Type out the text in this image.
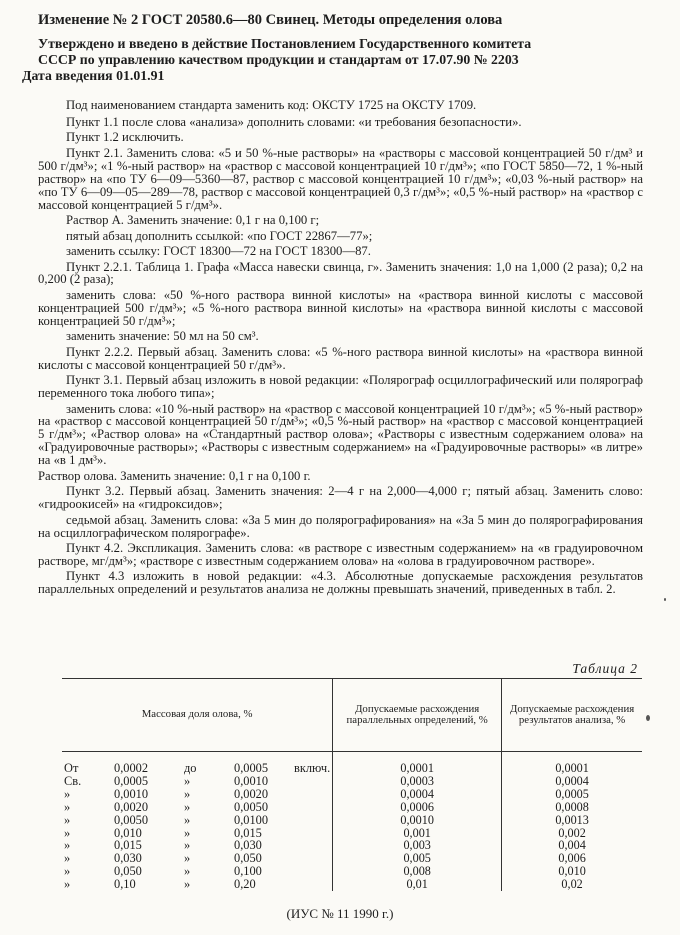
Изменение № 2 ГОСТ 20580.6—80 Свинец. Методы определения олова
Утверждено и введено в действие Постановлением Государственного комитета
СССР по управлению качеством продукции и стандартам от 17.07.90 № 2203
Дата введения 01.01.91

Под наименованием стандарта заменить код: ОКСТУ 1725 на ОКСТУ 1709.

Пункт 1.1 после слова «анализа» дополнить словами: «и требования безопасности».

Пункт 1.2 исключить.

Пункт 2.1. Заменить слова: «5 и 50 %-ные растворы» на «растворы с массовой концентрацией 50 г/дм³ и 500 г/дм³»; «1 %-ный раствор» на «раствор с массовой концентрацией 10 г/дм³»; «по ГОСТ 5850—72, 1 %-ный раствор» на «по ТУ 6—09—5360—87, раствор с массовой концентрацией 10 г/дм³»; «0,03 %-ный раствор» на «по ТУ 6—09—05—289—78, раствор с массовой концентрацией 0,3 г/дм³»; «0,5 %-ный раствор» на «раствор с массовой концентрацией 5 г/дм³».

Раствор А. Заменить значение: 0,1 г на 0,100 г;

пятый абзац дополнить ссылкой: «по ГОСТ 22867—77»;

заменить ссылку: ГОСТ 18300—72 на ГОСТ 18300—87.

Пункт 2.2.1. Таблица 1. Графа «Масса навески свинца, г». Заменить значения: 1,0 на 1,000 (2 раза); 0,2 на 0,200 (2 раза);

заменить слова: «50 %-ного раствора винной кислоты» на «раствора винной кислоты с массовой концентрацией 500 г/дм³»; «5 %-ного раствора винной кислоты» на «раствора винной кислоты с массовой концентрацией 50 г/дм³»;

заменить значение: 50 мл на 50 см³.

Пункт 2.2.2. Первый абзац. Заменить слова: «5 %-ного раствора винной кислоты» на «раствора винной кислоты с массовой концентрацией 50 г/дм³».

Пункт 3.1. Первый абзац изложить в новой редакции: «Полярограф осциллографический или полярограф переменного тока любого типа»;

заменить слова: «10 %-ный раствор» на «раствор с массовой концентрацией 10 г/дм³»; «5 %-ный раствор» на «раствор с массовой концентрацией 50 г/дм³»; «0,5 %-ный раствор» на «раствор с массовой концентрацией 5 г/дм³»; «Раствор олова» на «Стандартный раствор олова»; «Растворы с известным содержанием олова» на «Градуировочные растворы»; «Растворы с известным содержанием» на «Градуировочные растворы» «в литре» на «в 1 дм³».

Раствор олова. Заменить значение: 0,1 г на 0,100 г.

Пункт 3.2. Первый абзац. Заменить значения: 2—4 г на 2,000—4,000 г; пятый абзац. Заменить слово: «гидроокисей» на «гидроксидов»;

седьмой абзац. Заменить слова: «За 5 мин до полярографирования» на «За 5 мин до полярографирования на осциллографическом полярографе».

Пункт 4.2. Экспликация. Заменить слова: «в растворе с известным содержанием» на «в градуировочном растворе, мг/дм³»; «растворе с известным содержанием олова» на «олова в градуировочном растворе».

Пункт 4.3 изложить в новой редакции: «4.3. Абсолютные допускаемые расхождения результатов параллельных определений и результатов анализа не должны превышать значений, приведенных в табл. 2.

Таблица 2
Массовая доля олова, %	Допускаемые расхождения параллельных определений, %	Допускаемые расхождения результатов анализа, %

От 0,0002 до 0,0005 включ.	0,0001	0,0001

Св. 0,0005 » 0,0010	0,0003	0,0004

» 0,0010 » 0,0020	0,0004	0,0005

» 0,0020 » 0,0050	0,0006	0,0008

» 0,0050 » 0,0100	0,0010	0,0013

» 0,010 » 0,015	0,001	0,002

» 0,015 » 0,030	0,003	0,004

» 0,030 » 0,050	0,005	0,006

» 0,050 » 0,100	0,008	0,010

» 0,10 » 0,20	0,01	0,02
(ИУС № 11 1990 г.)
